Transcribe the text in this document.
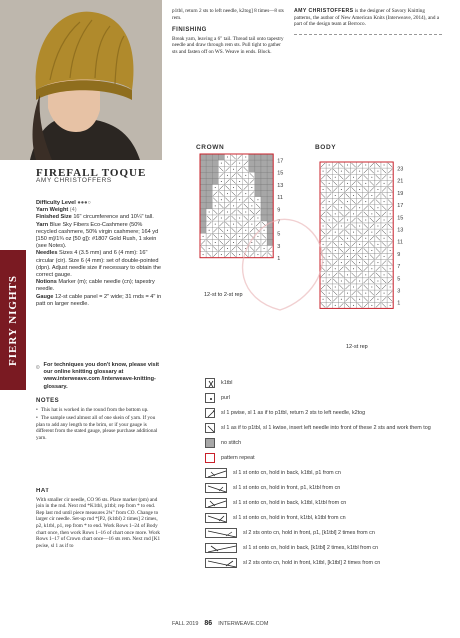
FIERY NIGHTS
FIREFALL TOQUE
AMY CHRISTOFFERS
Difficulty Level ●●●○
Yarn Weight (4)
Finished Size 16" circumference and 10¼" tall.
Yarn Blue Sky Fibers Eco-Cashmere (50% recycled cashmere, 50% virgin cashmere; 164 yd [150 m]/1¾ oz [50 g]): #1807 Gold Rush, 1 skein (see Notes).
Needles Sizes 4 (3.5 mm) and 6 (4 mm): 16" circular (cir). Size 6 (4 mm): set of double-pointed (dpn). Adjust needle size if necessary to obtain the correct gauge.
Notions Marker (m); cable needle (cn); tapestry needle.
Gauge 12-st cable panel = 2" wide; 31 rnds = 4" in patt on larger needle.
? For techniques you don't know, please visit our online knitting glossary at www.interweave.com /interweave-knitting-glossary.
NOTES
• This hat is worked in the round from the bottom up.
• The sample used almost all of one skein of yarn. If you plan to add any length to the brim, or if your gauge is different from the stated gauge, please purchase additional yarn.
HAT
With smaller cir needle, CO 96 sts. Place marker (pm) and join in the rnd. Next rnd *K1tbl, p1tbl; rep from * to end. Rep last rnd until piece measures 2¾" from CO. Change to larger cir needle. Set-up rnd *[P2, (k1tbl) 2 times] 2 times, p2, k1tbl, p1, rep from * to end. Work Rows 1–24 of Body chart once, then work Rows 1–16 of chart once more. Work Rows 1–17 of Crown chart once—16 sts rem. Next rnd [K1 pwise, sl 1 as if to
p1tbl, return 2 sts to left needle, k2tog] 8 times—8 sts rem.
FINISHING
Break yarn, leaving a 6" tail. Thread tail onto tapestry needle and draw through rem sts. Pull tight to gather sts and fasten off on WS. Weave in ends. Block.
AMY CHRISTOFFERS is the designer of Savory Knitting patterns, the author of New American Knits (Interweave, 2014), and a part of the design team at Berroco.
CROWN	BODY
17
15
13
11
9
7
5
3
1
23
21
19
17
15
13
11
9
7
5
3
1
12-st to 2-st rep
12-st rep
k1tbl
purl
sl 1 pwise, sl 1 as if to p1tbl, return 2 sts to left needle, k2tog
sl 1 as if to p1tbl, sl 1 kwise, insert left needle into front of these 2 sts and work them tog
no stitch
pattern repeat
sl 1 st onto cn, hold in back, k1tbl, p1 from cn
sl 1 st onto cn, hold in front, p1, k1tbl from cn
sl 1 st onto cn, hold in back, k1tbl, k1tbl from cn
sl 1 st onto cn, hold in front, k1tbl, k1tbl from cn
sl 2 sts onto cn, hold in front, p1, [k1tbl] 2 times from cn
sl 1 st onto cn, hold in back, [k1tbl] 2 times, k1tbl from cn
sl 2 sts onto cn, hold in front, k1tbl, [k1tbl] 2 times from cn
FALL 2019 86 INTERWEAVE.COM
